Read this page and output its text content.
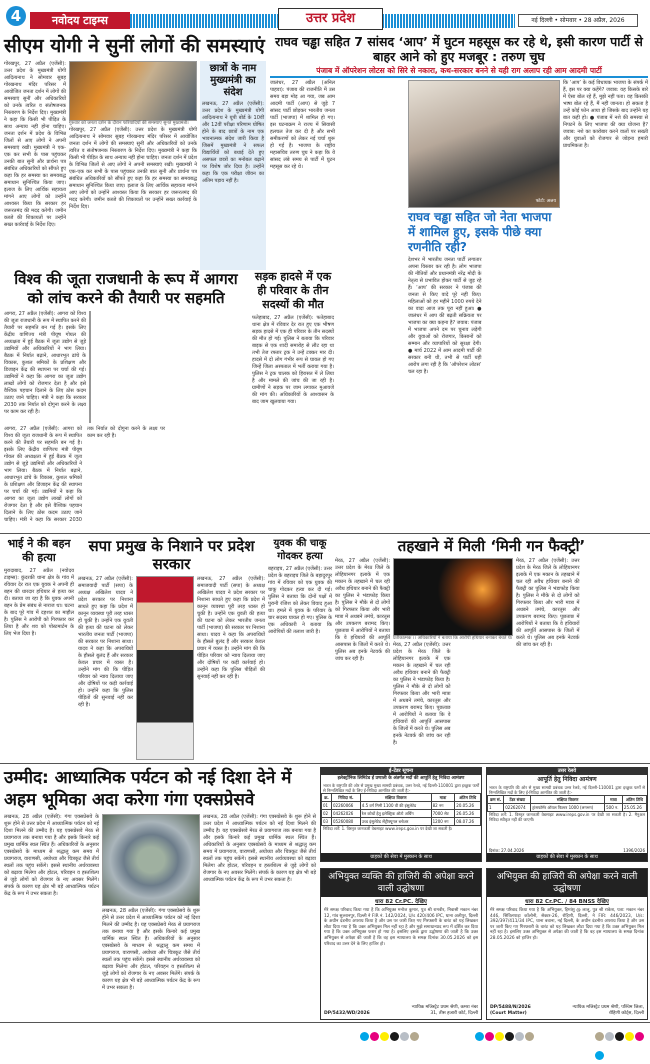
4	नवोदय टाइम्स	उत्तर प्रदेश	नई दिल्ली • सोमवार • 28 अप्रैल, 2026
सीएम योगी ने सुनीं लोगों की समस्याएं
गोरखपुर, 27 अप्रैल (एजेंसी): उत्तर प्रदेश के मुख्यमंत्री योगी आदित्यनाथ ने सोमवार सुबह गोरखनाथ मंदिर परिसर में आयोजित जनता दर्शन में लोगों की समस्याएं सुनीं और अधिकारियों को उनके त्वरित व संतोषजनक निस्तारण के निर्देश दिए। मुख्यमंत्री ने कहा कि किसी भी पीड़ित के साथ अन्याय नहीं होना चाहिए। जनता दर्शन में प्रदेश के विभिन्न जिलों से आए लोगों ने अपनी समस्याएं रखीं। मुख्यमंत्री ने एक-एक कर सभी के पास पहुंचकर उनकी बात सुनी और प्रार्थना पत्र संबंधित अधिकारियों को सौंपते हुए कहा कि हर समस्या का समयबद्ध समाधान सुनिश्चित किया जाए। इलाज के लिए आर्थिक सहायता मांगने आए लोगों को उन्होंने आश्वस्त किया कि सरकार हर जरूरतमंद की मदद करेगी। जमीन कब्जे की शिकायतों पर उन्होंने सख्त कार्रवाई के निर्देश दिए।
गुरुवार को जनता दर्शन के दौरान फरियादियों की समस्याएं सुनते मुख्यमंत्री।
गोरखपुर, 27 अप्रैल (एजेंसी): उत्तर प्रदेश के मुख्यमंत्री योगी आदित्यनाथ ने सोमवार सुबह गोरखनाथ मंदिर परिसर में आयोजित जनता दर्शन में लोगों की समस्याएं सुनीं और अधिकारियों को उनके त्वरित व संतोषजनक निस्तारण के निर्देश दिए। मुख्यमंत्री ने कहा कि किसी भी पीड़ित के साथ अन्याय नहीं होना चाहिए। जनता दर्शन में प्रदेश के विभिन्न जिलों से आए लोगों ने अपनी समस्याएं रखीं। मुख्यमंत्री ने एक-एक कर सभी के पास पहुंचकर उनकी बात सुनी और प्रार्थना पत्र संबंधित अधिकारियों को सौंपते हुए कहा कि हर समस्या का समयबद्ध समाधान सुनिश्चित किया जाए। इलाज के लिए आर्थिक सहायता मांगने आए लोगों को उन्होंने आश्वस्त किया कि सरकार हर जरूरतमंद की मदद करेगी। जमीन कब्जे की शिकायतों पर उन्होंने सख्त कार्रवाई के निर्देश दिए।
छात्रों के नाम मुख्यमंत्री का संदेश
लखनऊ, 27 अप्रैल (एजेंसी): उत्तर प्रदेश के मुख्यमंत्री योगी आदित्यनाथ ने यूपी बोर्ड के 10वीं और 12वीं परीक्षा परिणाम घोषित होने के बाद छात्रों के नाम एक भावनात्मक संदेश जारी किया है जिसमें मुख्यमंत्री ने सफल विद्यार्थियों को बधाई देते हुए असफल छात्रों का मनोबल बढ़ाने पर विशेष जोर दिया है। उन्होंने कहा कि एक परीक्षा जीवन का अंतिम पड़ाव नहीं है।
राघव चड्ढा सहित 7 सांसद ‘आप’ में घुटन महसूस कर रहे थे, इसी कारण पार्टी से बाहर आने को हुए मजबूर : तरुण चुघ
पंजाब में ऑपरेशन लोटस को सिरे से नकारा, कथ-सरकार बनने से यही राग अलाप रही आम आदमी पार्टी
जालंधर, 27 अप्रैल (अनिल पाहवा): पंजाब की राजनीति में उस समय बड़ा मोड़ आ गया, जब आम आदमी पार्टी (आप) से जुड़े 7 सांसद पार्टी छोड़कर भारतीय जनता पार्टी (भाजपा) में शामिल हो गए। इस घटनाक्रम ने राज्य में सियासी हलचल तेज कर दी है और सभी समीकरणों को लेकर नई चर्चा शुरू हो गई है। भाजपा के राष्ट्रीय महासचिव तरुण चुघ ने कहा कि ये सांसद लंबे समय से पार्टी में घुटन महसूस कर रहे थे।
फोटो: अजय
राघव चड्ढा सहित जो नेता भाजपा में शामिल हुए, इसके पीछे क्या रणनीति रही?
देशभर में भारतीय जनता पार्टी लगातार अपना विस्तार कर रही है। लोग भाजपा की नीतियों और प्रधानमंत्री नरेंद्र मोदी के नेतृत्व से प्रभावित होकर पार्टी से जुड़ रहे हैं। ‘आप’ की सरकार ने पंजाब की जनता से किए वादे पूरे नहीं किए। महिलाओं को हर महीने 1000 रुपये देने का वादा आज तक पूरा नहीं हुआ। ● जालंधर में आप की बढ़ती सक्रियता पर भाजपा का क्या कहना है? जवाब: पंजाब में भाजपा अपने दम पर चुनाव लड़ेगी और युवाओं को रोजगार, किसानों को सम्मान और व्यापारियों को सुरक्षा देगी। ● मार्च 2022 में आम आदमी पार्टी की सरकार बनी थी, तभी से पार्टी यही आरोप लगा रही है कि ‘ऑपरेशन लोटस’ चल रहा है।
कि ‘आप’ के कई विधायक भाजपा के संपर्क में हैं, इस पर क्या कहेंगे? जवाब: वह किसके बारे में ऐसा बोल रहे हैं, मुझे नहीं पता। वह किसकी भाषा बोल रहे हैं, मैं नहीं जानता। हो सकता है उन्हें कोई फोन आया हो जिसके बाद उन्होंने यह बात कही हो। ● पंजाब में नशे की समस्या से निपटने के लिए भाजपा की क्या योजना है? जवाब: नशे का कारोबार करने वालों पर सख्ती और युवाओं को रोजगार से जोड़ना हमारी प्राथमिकता है।
विश्व की जूता राजधानी के रूप में आगरा को लांच करने की तैयारी पर सहमति
आगरा, 27 अप्रैल (एजेंसी): आगरा को विश्व की जूता राजधानी के रूप में स्थापित करने की तैयारी पर सहमति बन गई है। इसके लिए केंद्रीय वाणिज्य मंत्री पीयूष गोयल की अध्यक्षता में हुई बैठक में जूता उद्योग से जुड़े उद्यमियों और अधिकारियों ने भाग लिया। बैठक में निर्यात बढ़ाने, आधारभूत ढांचे के विकास, कुशल श्रमिकों के प्रशिक्षण और डिजाइन केंद्र की स्थापना पर चर्चा की गई। उद्यमियों ने कहा कि आगरा का जूता उद्योग लाखों लोगों को रोजगार देता है और इसे वैश्विक पहचान दिलाने के लिए ठोस कदम उठाए जाने चाहिए। मंत्री ने कहा कि सरकार 2030 तक निर्यात को दोगुना करने के लक्ष्य पर काम कर रही है।
आगरा, 27 अप्रैल (एजेंसी): आगरा को विश्व की जूता राजधानी के रूप में स्थापित करने की तैयारी पर सहमति बन गई है। इसके लिए केंद्रीय वाणिज्य मंत्री पीयूष गोयल की अध्यक्षता में हुई बैठक में जूता उद्योग से जुड़े उद्यमियों और अधिकारियों ने भाग लिया। बैठक में निर्यात बढ़ाने, आधारभूत ढांचे के विकास, कुशल श्रमिकों के प्रशिक्षण और डिजाइन केंद्र की स्थापना पर चर्चा की गई। उद्यमियों ने कहा कि आगरा का जूता उद्योग लाखों लोगों को रोजगार देता है और इसे वैश्विक पहचान दिलाने के लिए ठोस कदम उठाए जाने चाहिए। मंत्री ने कहा कि सरकार 2030 तक निर्यात को दोगुना करने के लक्ष्य पर काम कर रही है।
सड़क हादसे में एक ही परिवार के तीन सदस्यों की मौत
फतेहाबाद, 27 अप्रैल (एजेंसी): फतेहाबाद थाना क्षेत्र में रविवार देर रात हुए एक भीषण सड़क हादसे में एक ही परिवार के तीन सदस्यों की मौत हो गई। पुलिस ने बताया कि परिवार बाइक से एक शादी समारोह से लौट रहा था तभी तेज रफ्तार ट्रक ने उन्हें टक्कर मार दी। हादसे में दो लोग गंभीर रूप से घायल हो गए जिन्हें जिला अस्पताल में भर्ती कराया गया है। पुलिस ने ट्रक चालक को हिरासत में ले लिया है और मामले की जांच की जा रही है। ग्रामीणों ने सड़क पर जाम लगाकर मुआवजे की मांग की। अधिकारियों के आश्वासन के बाद जाम खुलवाया गया।
भाई ने की बहन की हत्या
मुरादाबाद, 27 अप्रैल (नवोदय टाइम्स): कुंदरकी थाना क्षेत्र के गांव में रविवार देर रात एक युवक ने अपनी ही बहन की धारदार हथियार से हत्या कर दी। बताया जा रहा है कि युवक अपनी बहन के प्रेम संबंध से नाराज था। घटना के बाद पूरे गांव में दहशत का माहौल है। पुलिस ने आरोपी को गिरफ्तार कर लिया है और शव को पोस्टमार्टम के लिए भेज दिया है।
सपा प्रमुख के निशाने पर प्रदेश सरकार
लखनऊ, 27 अप्रैल (एजेंसी): समाजवादी पार्टी (सपा) के अध्यक्ष अखिलेश यादव ने प्रदेश सरकार पर निशाना साधते हुए कहा कि प्रदेश में कानून व्यवस्था पूरी तरह ध्वस्त हो चुकी है। उन्होंने एक युवती की हत्या की घटना को लेकर भारतीय जनता पार्टी (भाजपा) की सरकार पर निशाना साधा। यादव ने कहा कि अपराधियों के हौसले बुलंद हैं और सरकार केवल प्रचार में व्यस्त है। उन्होंने मांग की कि पीड़ित परिवार को न्याय दिलाया जाए और दोषियों पर कड़ी कार्रवाई हो। उन्होंने कहा कि पुलिस पीड़ितों की सुनवाई नहीं कर रही है।
लखनऊ, 27 अप्रैल (एजेंसी): समाजवादी पार्टी (सपा) के अध्यक्ष अखिलेश यादव ने प्रदेश सरकार पर निशाना साधते हुए कहा कि प्रदेश में कानून व्यवस्था पूरी तरह ध्वस्त हो चुकी है। उन्होंने एक युवती की हत्या की घटना को लेकर भारतीय जनता पार्टी (भाजपा) की सरकार पर निशाना साधा। यादव ने कहा कि अपराधियों के हौसले बुलंद हैं और सरकार केवल प्रचार में व्यस्त है। उन्होंने मांग की कि पीड़ित परिवार को न्याय दिलाया जाए और दोषियों पर कड़ी कार्रवाई हो। उन्होंने कहा कि पुलिस पीड़ितों की सुनवाई नहीं कर रही है।
युवक की चाकू गोदकर हत्या
बहराइच, 27 अप्रैल (एजेंसी): उत्तर प्रदेश के बहराइच जिले के बहादुरपुर गांव में रविवार को एक युवक की चाकू गोदकर हत्या कर दी गई। पुलिस ने बताया कि दोनों पक्षों में पुरानी रंजिश को लेकर विवाद हुआ था। हमले में युवक के परिवार के चार सदस्य घायल हो गए। पुलिस के एक अधिकारी ने बताया कि आरोपियों की तलाश जारी है।
तहखाने में मिली ‘मिनी गन फैक्ट्री’
मेरठ, 27 अप्रैल (एजेंसी): उत्तर प्रदेश के मेरठ जिले के लोहियानगर इलाके में एक मकान के तहखाने में चल रही अवैध हथियार बनाने की फैक्ट्री का पुलिस ने भंडाफोड़ किया है। पुलिस ने मौके से दो लोगों को गिरफ्तार किया और भारी मात्रा में अधबने तमंचे, कारतूस और उपकरण बरामद किए। पूछताछ में आरोपियों ने बताया कि वे हथियारों की आपूर्ति आसपास के जिलों में करते थे। पुलिस अब इनके नेटवर्क की जांच कर रही है।
प्रतीकात्मक ।। अधिकारियों ने बताया कि आरोपी हथियार बनाकर बेचते थे।
मेरठ, 27 अप्रैल (एजेंसी): उत्तर प्रदेश के मेरठ जिले के लोहियानगर इलाके में एक मकान के तहखाने में चल रही अवैध हथियार बनाने की फैक्ट्री का पुलिस ने भंडाफोड़ किया है। पुलिस ने मौके से दो लोगों को गिरफ्तार किया और भारी मात्रा में अधबने तमंचे, कारतूस और उपकरण बरामद किए। पूछताछ में आरोपियों ने बताया कि वे हथियारों की आपूर्ति आसपास के जिलों में करते थे। पुलिस अब इनके नेटवर्क की जांच कर रही है।
मेरठ, 27 अप्रैल (एजेंसी): उत्तर प्रदेश के मेरठ जिले के लोहियानगर इलाके में एक मकान के तहखाने में चल रही अवैध हथियार बनाने की फैक्ट्री का पुलिस ने भंडाफोड़ किया है। पुलिस ने मौके से दो लोगों को गिरफ्तार किया और भारी मात्रा में अधबने तमंचे, कारतूस और उपकरण बरामद किए। पूछताछ में आरोपियों ने बताया कि वे हथियारों की आपूर्ति आसपास के जिलों में करते थे। पुलिस अब इनके नेटवर्क की जांच कर रही है।
उम्मीद: आध्यात्मिक पर्यटन को नई दिशा देने में अहम भूमिका अदा करेगा गंगा एक्सप्रेसवे
लखनऊ, 28 अप्रैल (एजेंसी): गंगा एक्सप्रेसवे के शुरू होने से उत्तर प्रदेश में आध्यात्मिक पर्यटन को नई दिशा मिलने की उम्मीद है। यह एक्सप्रेसवे मेरठ से प्रयागराज तक बनाया गया है और इसके किनारे कई प्रमुख धार्मिक स्थल स्थित हैं। अधिकारियों के अनुसार एक्सप्रेसवे के माध्यम से श्रद्धालु कम समय में प्रयागराज, वाराणसी, अयोध्या और चित्रकूट जैसे तीर्थ स्थलों तक पहुंच सकेंगे। इससे स्थानीय अर्थव्यवस्था को बढ़ावा मिलेगा और होटल, परिवहन व हस्तशिल्प से जुड़े लोगों को रोजगार के नए अवसर मिलेंगे। संपर्क के कारण यह क्षेत्र भी बड़े आध्यात्मिक पर्यटन केंद्र के रूप में उभर सकता है।
लखनऊ, 28 अप्रैल (एजेंसी): गंगा एक्सप्रेसवे के शुरू होने से उत्तर प्रदेश में आध्यात्मिक पर्यटन को नई दिशा मिलने की उम्मीद है। यह एक्सप्रेसवे मेरठ से प्रयागराज तक बनाया गया है और इसके किनारे कई प्रमुख धार्मिक स्थल स्थित हैं। अधिकारियों के अनुसार एक्सप्रेसवे के माध्यम से श्रद्धालु कम समय में प्रयागराज, वाराणसी, अयोध्या और चित्रकूट जैसे तीर्थ स्थलों तक पहुंच सकेंगे। इससे स्थानीय अर्थव्यवस्था को बढ़ावा मिलेगा और होटल, परिवहन व हस्तशिल्प से जुड़े लोगों को रोजगार के नए अवसर मिलेंगे। संपर्क के कारण यह क्षेत्र भी बड़े आध्यात्मिक पर्यटन केंद्र के रूप में उभर सकता है।
लखनऊ, 28 अप्रैल (एजेंसी): गंगा एक्सप्रेसवे के शुरू होने से उत्तर प्रदेश में आध्यात्मिक पर्यटन को नई दिशा मिलने की उम्मीद है। यह एक्सप्रेसवे मेरठ से प्रयागराज तक बनाया गया है और इसके किनारे कई प्रमुख धार्मिक स्थल स्थित हैं। अधिकारियों के अनुसार एक्सप्रेसवे के माध्यम से श्रद्धालु कम समय में प्रयागराज, वाराणसी, अयोध्या और चित्रकूट जैसे तीर्थ स्थलों तक पहुंच सकेंगे। इससे स्थानीय अर्थव्यवस्था को बढ़ावा मिलेगा और होटल, परिवहन व हस्तशिल्प से जुड़े लोगों को रोजगार के नए अवसर मिलेंगे। संपर्क के कारण यह क्षेत्र भी बड़े आध्यात्मिक पर्यटन केंद्र के रूप में उभर सकता है।
ई-टेंडर सूचना
इलेक्ट्रॉनिक लिमिटेड ई प्रणाली के अंतर्गत मदों की आपूर्ति हेतु निविदा आमंत्रण
भारत के राष्ट्रपति की ओर से प्रमुख मुख्य सामग्री प्रबंधक, उत्तर रेलवे, नई दिल्ली-110001 द्वारा इच्छुक फर्मों से निम्नलिखित मदों के लिए ई-निविदा आमंत्रित की जाती है:-
क्र.	निविदा सं.	संक्षिप्त विवरण	मात्रा	अंतिम तिथि
01	02260066	4.5 वर्ग मिमी 1100 वी की इंसुलेटेड	82 नग	20.05.26
02	04262026	रेल कोचों हेतु इलेक्ट्रिक ऑटो अर्थिंग	7000 सेट	26.05.26
03	05260080	उच्च इंसुलेटेड सेंट्रीफ्यूगल ब्लोअर	1200 नग	08.07.26
निविदा शर्तें: 1. विस्तृत जानकारी वेबसाइट www.ireps.gov.in पर देखी जा सकती है।
ग्राहकों की सेवा में मुस्कान के साथ
उत्तर रेलवे
आपूर्ति हेतु निविदा आमंत्रण
भारत के राष्ट्रपति की ओर से मुख्य सामग्री प्रबंधक उत्तर रेलवे, नई दिल्ली-110001 द्वारा इच्छुक फर्मों से निम्नलिखित मदों के लिए ई-निविदा आमंत्रित की जाती है:-
क्रम सं.	टेंडर संख्या	संक्षिप्त विवरण	मात्रा	अंतिम तिथि
1	02262074	ट्रांसफॉर्मर ऑयल फिल्टर 1000 (लगभग)	500 न.	25.05.26
निविदा शर्तें: 1. विस्तृत जानकारी वेबसाइट www.ireps.gov.in पर देखी जा सकती है। 2. मैनुअल निविदा स्वीकृत नहीं की जाएगी।
दिनांक: 27.04.2026	1396/2026
ग्राहकों की सेवा में मुस्कान के साथ
अभियुक्त व्यक्ति की हाजिरी की अपेक्षा करने वाली उद्घोषणा
धारा 82 Cr.PC. देखिए
मेरे समक्ष परिवाद किया गया है कि अभियुक्त मनोज कुमार, पुत्र श्री रामवीर, निवासी मकान नंबर 12, गांव सुल्तानपुर, दिल्ली ने FIR नं. 142/2024, U/s 420/406 IPC, थाना अलीपुर, दिल्ली के अधीन दंडनीय अपराध किया है और उस पर जारी किए गए गिरफ्तारी के वारंट को यह लिखकर लौटा दिया गया है कि उक्त अभियुक्त मिल नहीं रहा है और मुझे समाधानप्रद रूप में दर्शित कर दिया गया है कि उक्त अभियुक्त फरार हो गया है। इसलिए इसके द्वारा उद्घोषणा की जाती है कि उक्त अभियुक्त से अपेक्षा की जाती है कि वह इस न्यायालय के समक्ष दिनांक 30.05.2026 को इस परिवाद का उत्तर देने के लिए हाजिर हो।
DP/5432/WD/2026
न्यायिक मजिस्ट्रेट प्रथम श्रेणी, कमरा नंबर 31, तीस हजारी कोर्ट, दिल्ली
अभियुक्त की हाजिरी की अपेक्षा करने वाली उद्घोषणा
धारा 82 Cr.PC. / 84 BNSS देखिए
मेरे समक्ष परिवाद किया गया है कि अभियुक्त, हिमांशु @ लालू, पुत्र श्री राकेश, पता: मकान नंबर 446, सिविलपाड़ा कॉलोनी, सेक्टर-26, रोहिणी, दिल्ली, ने FIR: 446/2023, U/s: 392/397/411/34 IPC, थाना बवाना, नई दिल्ली, के अधीन दंडनीय अपराध किया है और उस पर जारी किए गए गिरफ्तारी के वारंट को यह लिखकर लौटा दिया गया है कि उक्त अभियुक्त मिल नहीं रहा है। इसलिए उक्त अभियुक्त से अपेक्षा की जाती है कि वह इस न्यायालय के समक्ष दिनांक 28.05.2026 को हाजिर हो।
DP/5488/N/2026
(Court Matter)
न्यायिक मजिस्ट्रेट प्रथम श्रेणी, पश्चिम जिला, रोहिणी कोर्ट्स, दिल्ली
